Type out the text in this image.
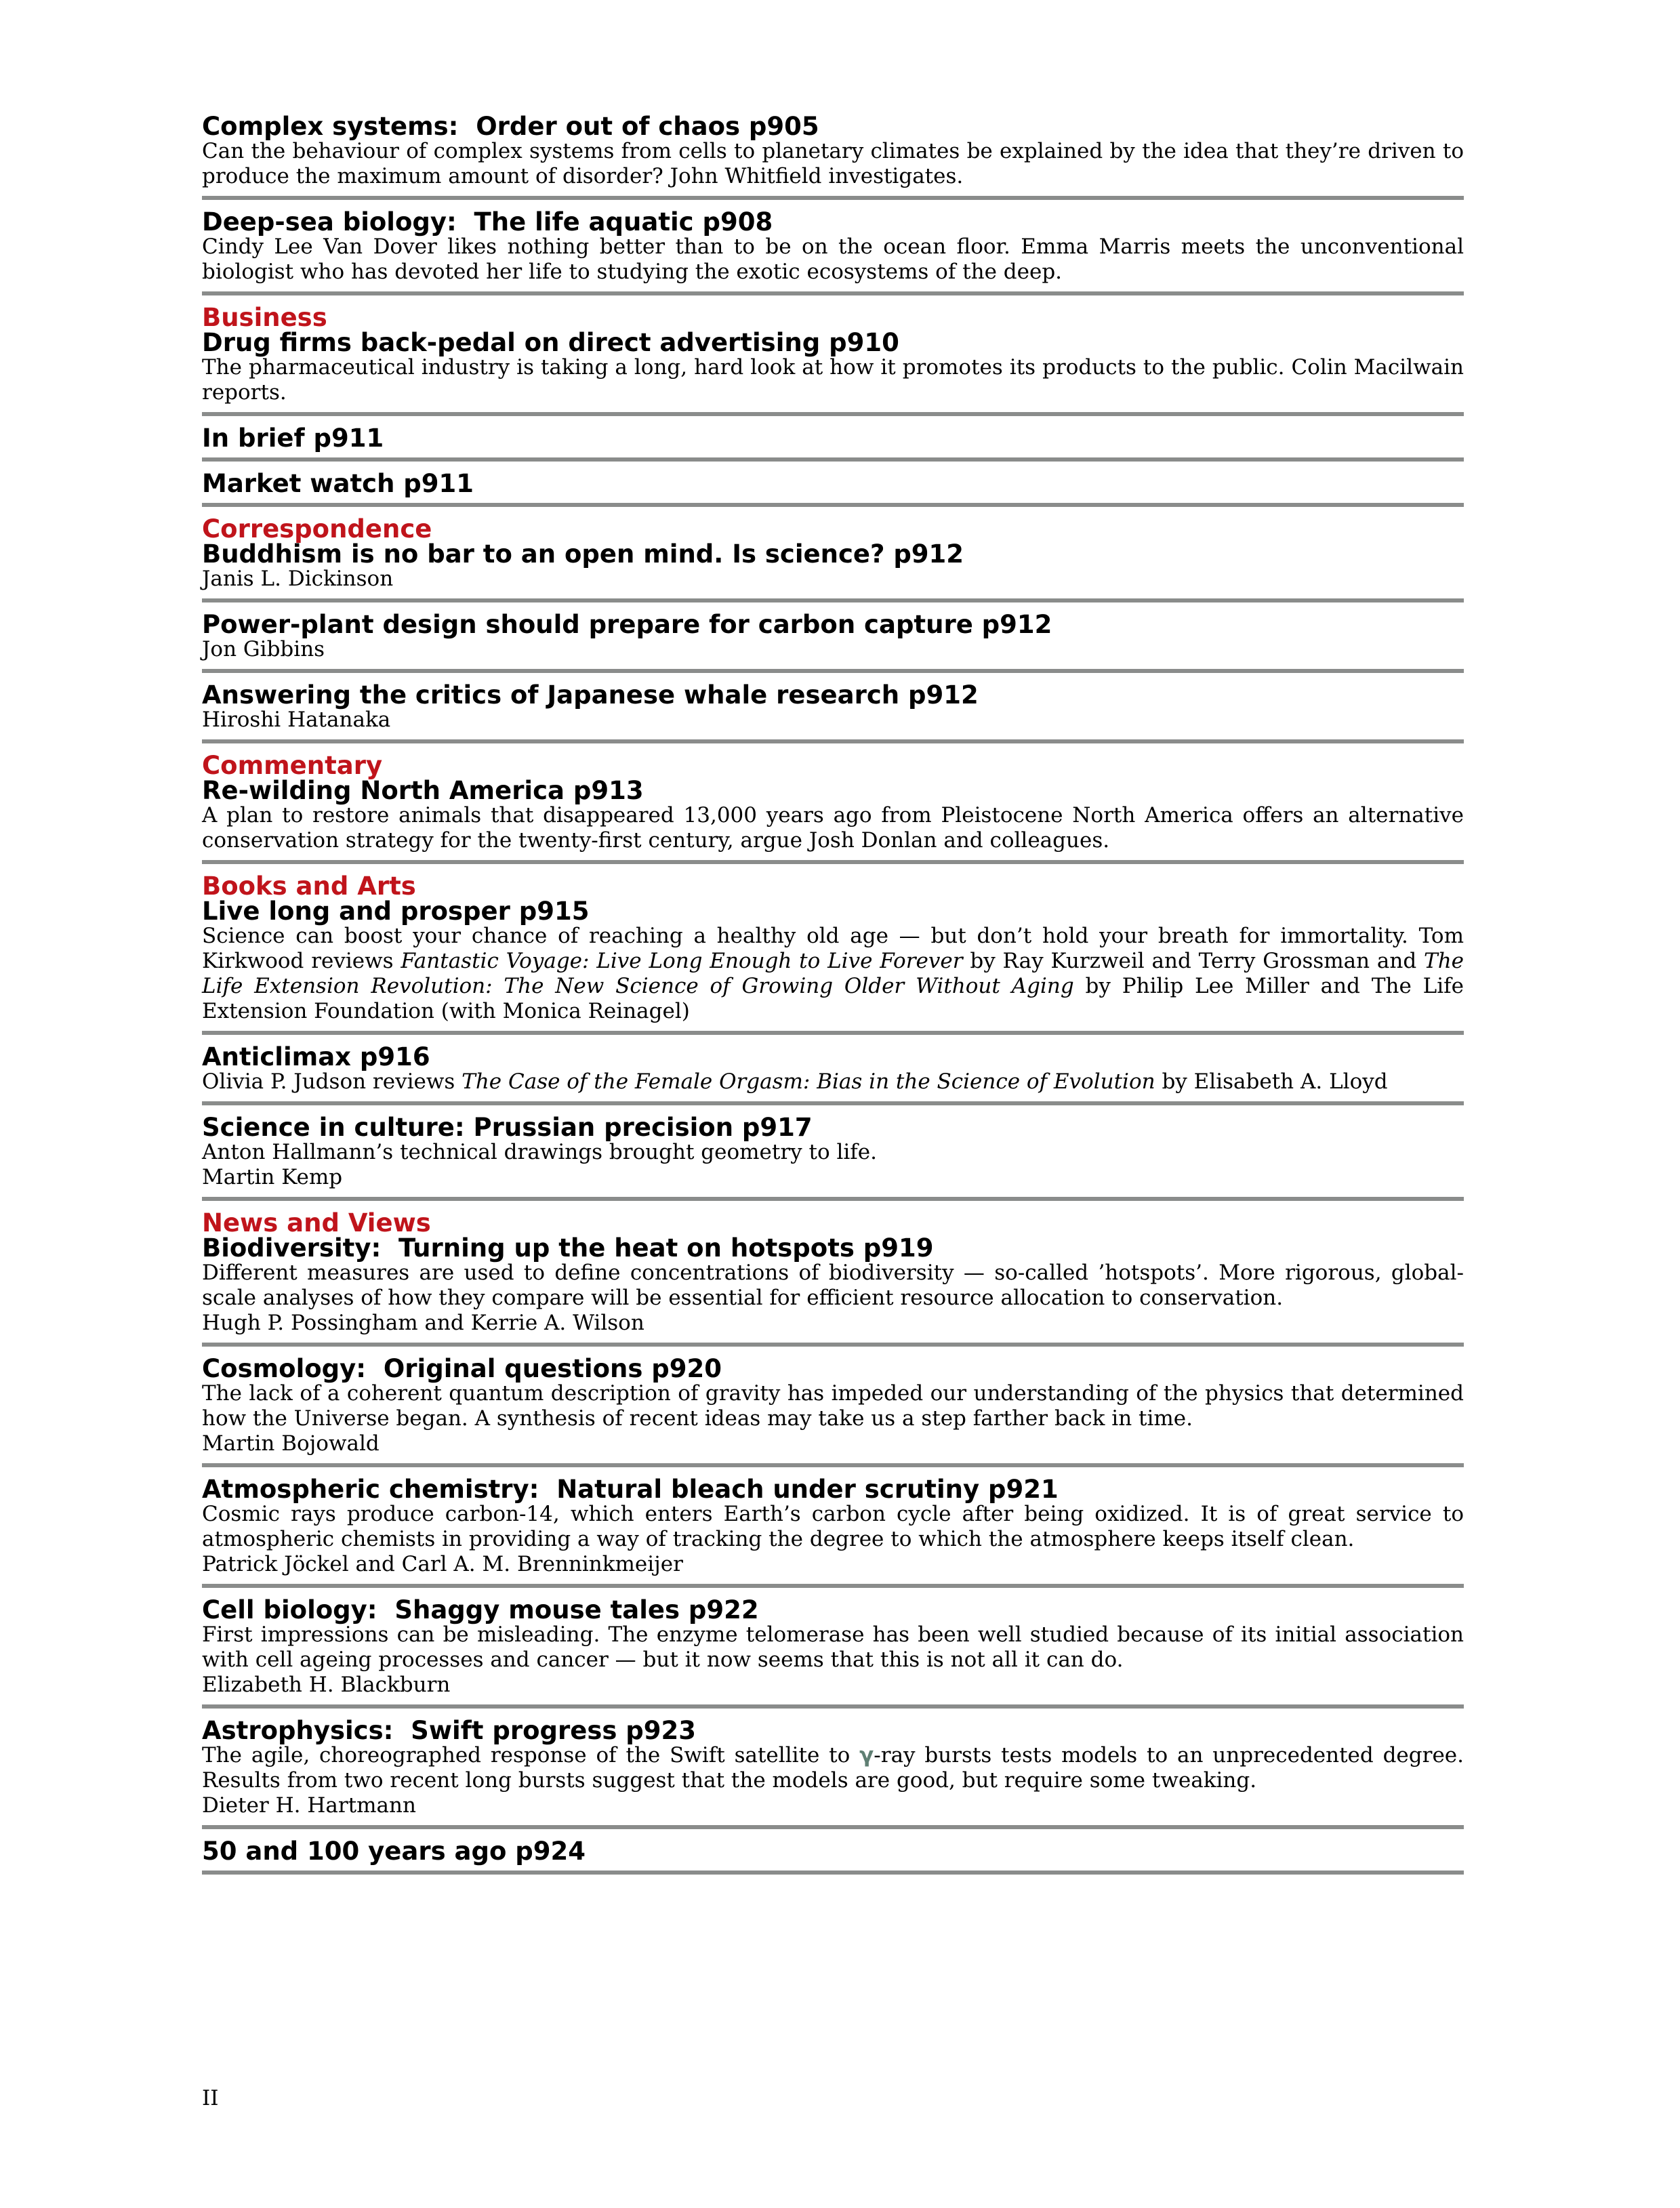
Complex systems:  Order out of chaos p905

Can the behaviour of complex systems from cells to planetary climates be explained by the idea that they’re driven to produce the maximum amount of disorder? John Whitfield investigates.

Deep-sea biology:  The life aquatic p908

Cindy Lee Van Dover likes nothing better than to be on the ocean floor. Emma Marris meets the unconventional biologist who has devoted her life to studying the exotic ecosystems of the deep.

Business

Drug firms back-pedal on direct advertising p910

The pharmaceutical industry is taking a long, hard look at how it promotes its products to the public. Colin Macilwain reports.

In brief p911

Market watch p911

Correspondence

Buddhism is no bar to an open mind. Is science? p912

Janis L. Dickinson

Power-plant design should prepare for carbon capture p912

Jon Gibbins

Answering the critics of Japanese whale research p912

Hiroshi Hatanaka

Commentary

Re-wilding North America p913

A plan to restore animals that disappeared 13,000 years ago from Pleistocene North America offers an alternative conservation strategy for the twenty-first century, argue Josh Donlan and colleagues.

Books and Arts

Live long and prosper p915

Science can boost your chance of reaching a healthy old age — but don’t hold your breath for immortality. Tom Kirkwood reviews Fantastic Voyage: Live Long Enough to Live Forever by Ray Kurzweil and Terry Grossman and The Life Extension Revolution: The New Science of Growing Older Without Aging by Philip Lee Miller and The Life Extension Foundation (with Monica Reinagel)

Anticlimax p916

Olivia P. Judson reviews The Case of the Female Orgasm: Bias in the Science of Evolution by Elisabeth A. Lloyd

Science in culture: Prussian precision p917

Anton Hallmann’s technical drawings brought geometry to life.

Martin Kemp

News and Views

Biodiversity:  Turning up the heat on hotspots p919

Different measures are used to define concentrations of biodiversity — so-called ’hotspots’. More rigorous, global-scale analyses of how they compare will be essential for efficient resource allocation to conservation.

Hugh P. Possingham and Kerrie A. Wilson

Cosmology:  Original questions p920

The lack of a coherent quantum description of gravity has impeded our understanding of the physics that determined how the Universe began. A synthesis of recent ideas may take us a step farther back in time.

Martin Bojowald

Atmospheric chemistry:  Natural bleach under scrutiny p921

Cosmic rays produce carbon-14, which enters Earth’s carbon cycle after being oxidized. It is of great service to atmospheric chemists in providing a way of tracking the degree to which the atmosphere keeps itself clean.

Patrick Jöckel and Carl A. M. Brenninkmeijer

Cell biology:  Shaggy mouse tales p922

First impressions can be misleading. The enzyme telomerase has been well studied because of its initial association with cell ageing processes and cancer — but it now seems that this is not all it can do.

Elizabeth H. Blackburn

Astrophysics:  Swift progress p923

The agile, choreographed response of the Swift satellite to γ-ray bursts tests models to an unprecedented degree. Results from two recent long bursts suggest that the models are good, but require some tweaking.

Dieter H. Hartmann

50 and 100 years ago p924

II
